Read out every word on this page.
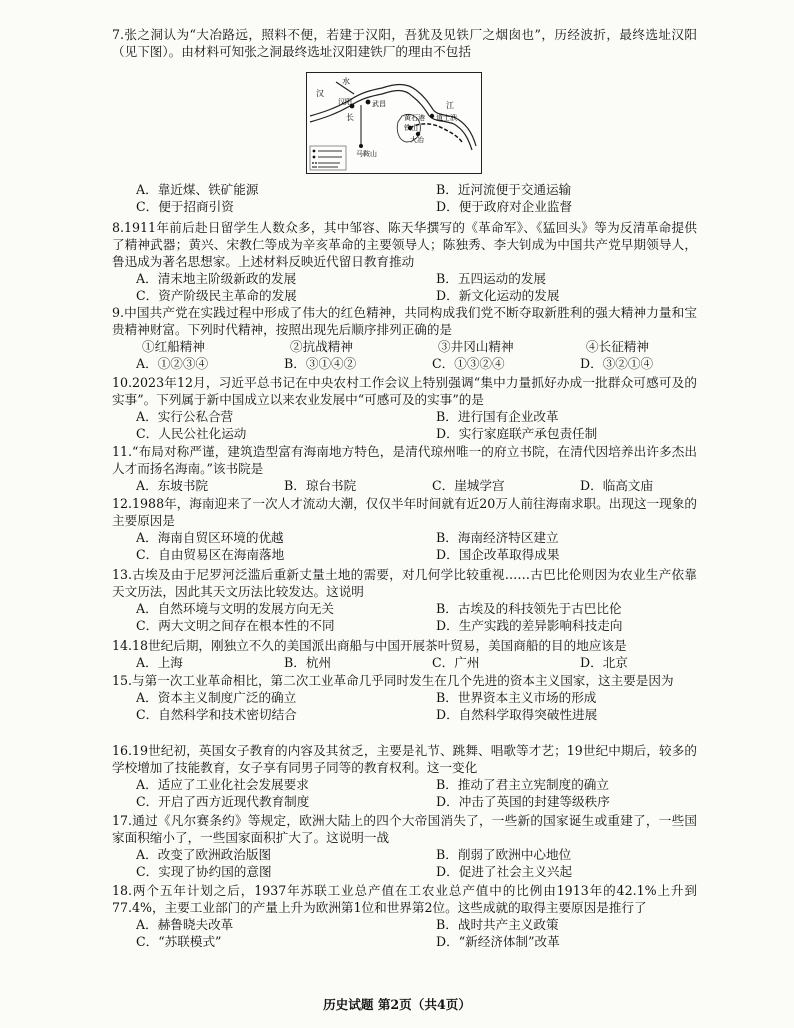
7.张之洞认为“大冶路远，照料不便，若建于汉阳，吾犹及见铁厂之烟囱也”，历经波折，最终选址汉阳（见下图）。由材料可知张之洞最终选址汉阳建铁厂的理由不包括

汉
水
汉阳	武昌
长
江
黄石港
铁山
大冶
道士洑
马鞍山
A．靠近煤、铁矿能源	B．近河流便于交通运输
C．便于招商引资	D．便于政府对企业监督

8.1911年前后赴日留学生人数众多，其中邹容、陈天华撰写的《革命军》、《猛回头》等为反清革命提供了精神武器；黄兴、宋教仁等成为辛亥革命的主要领导人；陈独秀、李大钊成为中国共产党早期领导人，鲁迅成为著名思想家。上述材料反映近代留日教育推动

A．清末地主阶级新政的发展	B．五四运动的发展
C．资产阶级民主革命的发展	D．新文化运动的发展

9.中国共产党在实践过程中形成了伟大的红色精神，共同构成我们党不断夺取新胜利的强大精神力量和宝贵精神财富。下列时代精神，按照出现先后顺序排列正确的是

①红船精神	②抗战精神	③井冈山精神	④长征精神
A．①②③④	B．③①④②	C．①③②④	D．③②①④

10.2023年12月，习近平总书记在中央农村工作会议上特别强调“集中力量抓好办成一批群众可感可及的实事”。下列属于新中国成立以来农业发展中“可感可及的实事”的是

A．实行公私合营	B．进行国有企业改革
C．人民公社化运动	D．实行家庭联产承包责任制

11.“布局对称严谨，建筑造型富有海南地方特色，是清代琼州唯一的府立书院，在清代因培养出许多杰出人才而扬名海南。”该书院是

A．东坡书院	B．琼台书院	C．崖城学宫	D．临高文庙

12.1988年，海南迎来了一次人才流动大潮，仅仅半年时间就有近20万人前往海南求职。出现这一现象的主要原因是

A．海南自贸区环境的优越	B．海南经济特区建立
C．自由贸易区在海南落地	D．国企改革取得成果

13.古埃及由于尼罗河泛滥后重新丈量土地的需要，对几何学比较重视……古巴比伦则因为农业生产依靠天文历法，因此其天文历法比较发达。这说明

A．自然环境与文明的发展方向无关	B．古埃及的科技领先于古巴比伦
C．两大文明之间存在根本性的不同	D．生产实践的差异影响科技走向

14.18世纪后期，刚独立不久的美国派出商船与中国开展茶叶贸易，美国商船的目的地应该是

A．上海	B．杭州	C．广州	D．北京

15.与第一次工业革命相比，第二次工业革命几乎同时发生在几个先进的资本主义国家，这主要是因为

A．资本主义制度广泛的确立	B．世界资本主义市场的形成
C．自然科学和技术密切结合	D．自然科学取得突破性进展

16.19世纪初，英国女子教育的内容及其贫乏，主要是礼节、跳舞、唱歌等才艺；19世纪中期后，较多的学校增加了技能教育，女子享有同男子同等的教育权利。这一变化

A．适应了工业化社会发展要求	B．推动了君主立宪制度的确立
C．开启了西方近现代教育制度	D．冲击了英国的封建等级秩序

17.通过《凡尔赛条约》等规定，欧洲大陆上的四个大帝国消失了，一些新的国家诞生或重建了，一些国家面积缩小了，一些国家面积扩大了。这说明一战

A．改变了欧洲政治版图	B．削弱了欧洲中心地位
C．实现了协约国的意图	D．促进了社会主义兴起

18.两个五年计划之后，1937年苏联工业总产值在工农业总产值中的比例由1913年的42.1%上升到77.4%，主要工业部门的产量上升为欧洲第1位和世界第2位。这些成就的取得主要原因是推行了

A．赫鲁晓夫改革	B．战时共产主义政策
C．“苏联模式”	D．“新经济体制”改革
历史试题 第2页（共4页）
